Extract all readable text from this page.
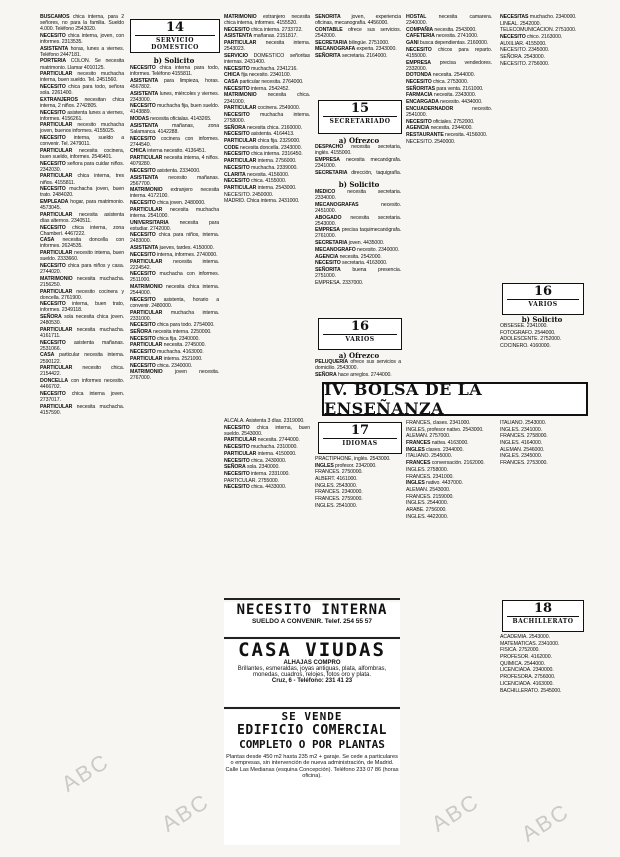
BUSCAMOS chica interna, para 2 señores, no para la familia. Sueldo 4.000. Teléfono 2543020.

NECESITO chica interna, joven, con informes. 2313535.

ASISTENTA horas, lunes a viernes. Teléfono 2447181.

PORTERIA COLON. Se necesita matrimonio. Llamar 4010125.

PARTICULAR necesito muchacha interna, buen sueldo. Tel. 2451560.

NECESITO chica para todo, señora sola. 2261400.

EXTRANJEROS necesitan chica interna, 2 niños. 2742805.

NECESITO asistenta lunes a viernes, informes. 4156261.

PARTICULAR necesito muchacha joven, buenos informes. 4155025.

NECESITO interna, sueldo a convenir. Tel. 2479011.

PARTICULAR necesita cocinera, buen sueldo, informes. 2546401.

NECESITO señora para cuidar niños. 2342030.

PARTICULAR chica interna, tres niños. 4155811.

NECESITO muchacha joven, buen trato. 2484020.

EMPLEADA hogar, para matrimonio. 4573045.

PARTICULAR necesita asistenta días alternos. 2340511.

NECESITO chica interna, zona Chamberí. 4467222.

CASA necesita doncella con informes. 2624535.

PARTICULAR necesito interna, buen sueldo. 2333660.

NECESITO chica para niños y casa. 2744020.

MATRIMONIO necesita muchacha. 2156250.

PARTICULAR necesito cocinera y doncella. 2761900.

NECESITO interna, buen trato, informes. 2349118.

SEÑORA sola necesita chica joven. 2480530.

PARTICULAR necesita muchacha. 4161711.

NECESITO asistenta mañanas. 2531066.

CASA particular necesita interna. 2590122.

PARTICULAR necesito chica. 2154422.

DONCELLA con informes necesito. 4466702.

NECESITO chica interna joven. 2737017.

PARTICULAR necesita muchacha. 4157590.

14
SERVICIO DOMESTICO
b) Solicito

NECESITO chica interna para todo, informes. Teléfono 4155811.

ASISTENTA para limpieza, horas. 4567802.

ASISTENTA lunes, miércoles y viernes. 2343000.

NECESITO muchacha fija, buen sueldo. 4143889.

MODAS necesita oficialas. 4143265.

ASISTENTA mañanas, zona Salamanca. 4142288.

NECESITO cocinera con informes. 2744540.

CHICA interna necesito. 4136451.

PARTICULAR necesita interna, 4 niños. 4079280.

NECESITO asistenta. 2334000.

ASISTENTA necesito mañanas. 2567700.

MATRIMONIO extranjero necesita interna. 4172100.

NECESITO chica joven. 2480000.

PARTICULAR necesita muchacha interna. 2541000.

UNIVERSITARIA necesita para estudiar. 2742000.

NECESITO chica para niños, interna. 2483000.

ASISTENTA jueves, tardes. 4150000.

NECESITO interna, informes. 2740000.

PARTICULAR necesita interna. 2224542.

NECESITO muchacha con informes. 2511000.

MATRIMONIO necesita chica interna. 2544000.

NECESITO asistenta, horario a convenir. 2480000.

PARTICULAR muchacha interna. 2331000.

NECESITO chica para todo. 2754000.

SEÑORA necesita interna. 2250000.

NECESITO chica fija. 2340000.

PARTICULAR necesita. 2745000.

NECESITO muchacha. 4163000.

PARTICULAR interna. 2521000.

NECESITO chica. 2340000.

MATRIMONIO joven necesita. 2767000.

MATRIMONIO extranjero necesita chica interna, informes. 4155520.

NECESITO chica interna. 2733722.

ASISTENTA mañanas. 2151817.

PARTICULAR necesita interna. 2543023.

SERVICIO DOMESTICO señoritas internas. 2431400.

NECESITO muchacha. 2341216.

CHICA fija necesito. 2340100.

CASA particular necesita. 2764000.

NECESITO interna. 2542452.

MATRIMONIO necesita chica. 2341000.

PARTICULAR cocinera. 2549000.

NECESITO muchacha interna. 2758000.

SEÑORA necesita chica. 2160000.

NECESITO asistenta. 4164413.

PARTICULAR chica fija. 2329000.

CODE necesita doncella. 2343000.

NECESITO chica interna. 2316450.

PARTICULAR interna. 2756000.

NECESITO muchacha. 2339000.

CLARITA necesita. 4156000.

NECESITO chica. 4155000.

PARTICULAR interna. 2543000.

NECESITO. 2450000.

MADRID. Chica interna. 2431000.

ALCALA. Asistenta 3 días. 2319000.

NECESITO chica interna, buen sueldo. 2543000.

PARTICULAR necesita. 2744000.

NECESITO muchacha. 2310000.

PARTICULAR interna. 4150000.

NECESITO chica. 2430000.

SEÑORA sola. 2340000.

NECESITO interna. 2331000.

PARTICULAR. 2755000.

NECESITO chica. 4433000.

SEÑORITA joven, experiencia oficinas, mecanografía. 4456000.

CONTABLE ofrece sus servicios. 2542000.

SECRETARIA bilingüe. 2751000.

MECANOGRAFA experta. 2343000.

SEÑORITA secretaria. 2164000.

15
SECRETARIADO
a) Ofrezco

DESPACHO necesita secretaria, inglés. 4155000.

EMPRESA necesita mecanógrafa. 2341000.

SECRETARIA dirección, taquigrafía.

b) Solicito

MEDICO necesita secretaria. 2334000.

MECANOGRAFAS necesito. 2451000.

ABOGADO necesita secretaria. 2543000.

EMPRESA precisa taquimecanógrafa. 2761000.

SECRETARIA joven. 4435000.

MECANOGRAFO necesito. 2340000.

AGENCIA necesita. 2542000.

NECESITO secretaria. 4163000.

SEÑORITA buena presencia. 2751000.

EMPRESA. 2337000.

16
VARIOS
a) Ofrezco

PELUQUERIA ofrece sus servicios a domicilio. 2543000.

SEÑORA hace arreglos. 2744000.

HOSTAL necesita camarera. 2340000.

COMPAÑIA necesita. 2543000.

CAFETERIA necesita. 2741000.

GANI busca dependientas. 2160000.

NECESITO chicos para reparto. 4155000.

EMPRESA precisa vendedores. 2332000.

DOTONDA necesita. 2544000.

NECESITO chica. 2753000.

SEÑORITAS para venta. 2161000.

FARMACIA necesita. 2343000.

ENCARGADA necesito. 4434000.

ENCUADERNADOR necesito. 2541000.

NECESITO oficiales. 2752000.

AGENCIA necesita. 2344000.

RESTAURANTE necesita. 4156000.

NECESITO. 2540000.

NECESITAS muchacho. 2340000.

LINEAL. 2542000.

TELECOMUNICACION. 2751000.

NECESITO chico. 2163000.

AUXILIAR. 4155000.

NECESITO. 2345000.

SEÑORA. 2543000.

NECESITO. 2756000.

16
VARIOS
b) Solicito

OBSESEE. 2341000.

FOTOGRAFO. 2544000.

ADOLESCENTE. 2752000.

COCINERO. 4160000.

IV. BOLSA DE LA ENSEÑANZA
17
IDIOMAS

PRACTIPHONE, inglés. 2543000.

INGLES profesor. 2342000.

FRANCES. 2750000.

ALBERT. 4161000.

INGLES. 2543000.

FRANCES. 2340000.

FRANCES. 2759000.

INGLES. 2541000.

FRANCES, clases. 2341000.

INGLES, profesor nativo. 2543000.

ALEMAN. 2757000.

FRANCES nativa. 4163000.

INGLES clases. 2344000.

ITALIANO. 2545000.

FRANCES conversación. 2162000.

INGLES. 2758000.

FRANCES. 2341000.

INGLES nativo. 4437000.

ALEMAN. 2543000.

FRANCES. 2159000.

INGLES. 2544000.

ARABE. 2756000.

INGLES. 4422000.

ITALIANO. 2543000.

INGLES. 2341000.

FRANCES. 2758000.

INGLES. 4164000.

ALEMAN. 2546000.

INGLES. 2345000.

FRANCES. 2753000.

18
BACHILLERATO

ACADEMIA. 2543000.

MATEMATICAS. 2341000.

FISICA. 2752000.

PROFESOR. 4162000.

QUIMICA. 2544000.

LICENCIADA. 2340000.

PROFESORA. 2756000.

LICENCIADA. 4163000.

BACHILLERATO. 2545000.

NECESITO INTERNA
SUELDO A CONVENIR. Telef. 254 55 57
CASA VIUDAS
ALHAJAS COMPRO
Brillantes, esmeraldas, joyas antiguas, plata, alfombras, monedas, cuadros, relojes, fotos oro y plata.
Cruz, 6 - Teléfono: 231 41 23
SE VENDE
EDIFICIO COMERCIAL
COMPLETO O POR PLANTAS
Plantas desde 450 m2 hasta 235 m2 + garaje. Se cede a particulares o empresas, sin intervención de nueva administración, de Madrid. Calle Las Medianas (esquina Concepción). Teléfono 233 07 86 (horas oficina).
ABC
ABC	ABC ABC
